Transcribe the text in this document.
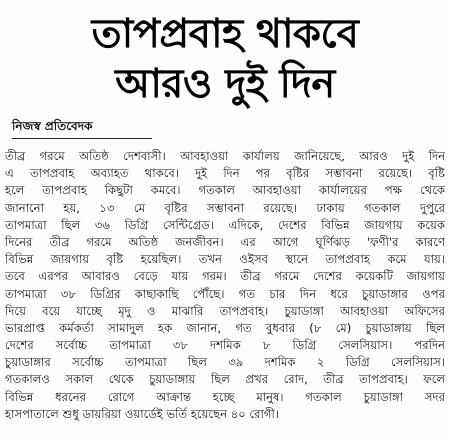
তাপপ্রবাহ থাকবে
আরও দুই দিন
নিজস্ব প্রতিবেদক
তীব্র গরমে অতিষ্ঠ দেশবাসী। আবহাওয়া কার্যালয় জানিয়েছে, আরও দুই দিন
এ তাপপ্রবাহ অব্যাহত থাকবে। দুই দিন পর বৃষ্টির সম্ভাবনা রয়েছে। বৃষ্টি
হলে তাপপ্রবাহ কিছুটা কমবে। গতকাল আবহাওয়া কার্যালয়ের পক্ষ থেকে
জানানো হয়, ১৩ মে বৃষ্টির সম্ভাবনা রয়েছে। ঢাকায় গতকাল দুপুরে
তাপমাত্রা ছিল ৩৬ ডিগ্রি সেন্টিগ্রেড। এদিকে, দেশের বিভিন্ন জায়গায় কয়েক
দিনের তীব্র গরমে অতিষ্ঠ জনজীবন। এর আগে ঘূর্ণিঝড় 'ফণী'র কারণে
বিভিন্ন জায়গায় বৃষ্টি হয়েছিল। তখন ওইসব স্থানে তাপপ্রবাহ কমে যায়।
তবে এরপর আবারও বেড়ে যায় গরম। তীব্র গরমে দেশের কয়েকটি জায়গায়
তাপমাত্রা ৩৮ ডিগ্রির কাছাকাছি পৌঁছে। গত চার দিন ধরে চুয়াডাঙ্গার ওপর
দিয়ে বয়ে যাচ্ছে মৃদু ও মাঝারি তাপপ্রবাহ। চুয়াডাঙ্গা আবহাওয়া অফিসের
ভারপ্রাপ্ত কর্মকর্তা সামাদুল হক জানান, গত বুধবার (৮ মে) চুয়াডাঙ্গায় ছিল
দেশের সর্বোচ্চ তাপমাত্রা ৩৮ দশমিক ৮ ডিগ্রি সেলসিয়াস। পরদিন
চুয়াডাঙ্গার সর্বোচ্চ তাপমাত্রা ছিল ৩৯ দশমিক ২ ডিগ্রি সেলসিয়াস।
গতকালও সকাল থেকে চুয়াডাঙ্গায় ছিল প্রখর রোদ, তীব্র তাপপ্রবাহ। ফলে
বিভিন্ন ধরনের রোগে আক্রান্ত হচ্ছে মানুষ। গতকাল চুয়াডাঙ্গা সদর
হাসপাতালে শুধু ডায়রিয়া ওয়ার্ডেই ভর্তি হয়েছেন ৪০ রোগী।
